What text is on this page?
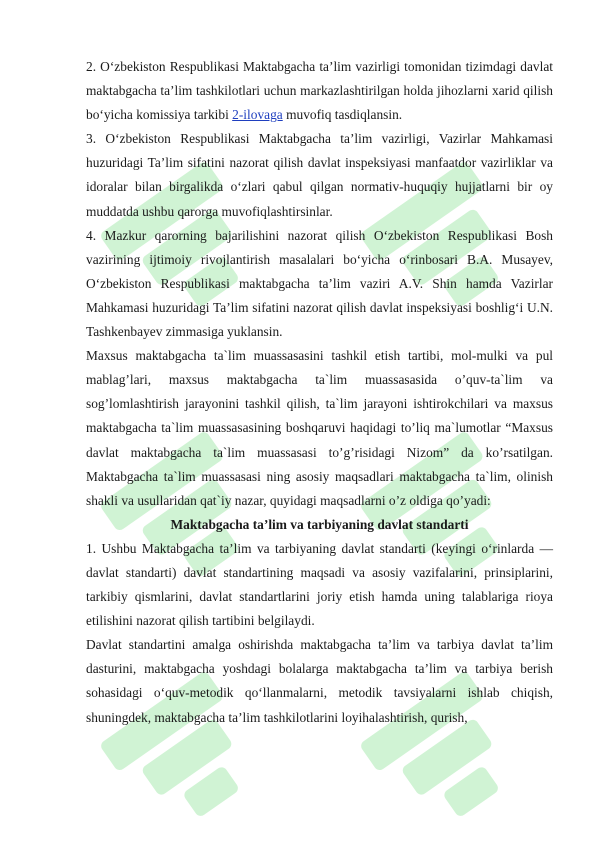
2. O‘zbekiston Respublikasi Maktabgacha ta’lim vazirligi tomonidan tizimdagi davlat maktabgacha ta’lim tashkilotlari uchun markazlashtirilgan holda jihozlarni xarid qilish bo‘yicha komissiya tarkibi 2-ilovaga muvofiq tasdiqlansin.

3. O‘zbekiston Respublikasi Maktabgacha ta’lim vazirligi, Vazirlar Mahkamasi huzuridagi Ta’lim sifatini nazorat qilish davlat inspeksiyasi manfaatdor vazirliklar va idoralar bilan birgalikda o‘zlari qabul qilgan normativ-huquqiy hujjatlarni bir oy muddatda ushbu qarorga muvofiqlashtirsinlar.

4. Mazkur qarorning bajarilishini nazorat qilish O‘zbekiston Respublikasi Bosh vazirining ijtimoiy rivojlantirish masalalari bo‘yicha o‘rinbosari B.A. Musayev, O‘zbekiston Respublikasi maktabgacha ta’lim vaziri A.V. Shin hamda Vazirlar Mahkamasi huzuridagi Ta’lim sifatini nazorat qilish davlat inspeksiyasi boshlig‘i U.N. Tashkenbayev zimmasiga yuklansin.

Maxsus maktabgacha ta`lim muassasasini tashkil etish tartibi, mol-mulki va pul mablag’lari, maxsus maktabgacha ta`lim muassasasida o’quv-ta`lim va sog’lomlashtirish jarayonini tashkil qilish, ta`lim jarayoni ishtirokchilari va maxsus maktabgacha ta`lim muassasasining boshqaruvi haqidagi to’liq ma`lumotlar “Maxsus davlat maktabgacha ta`lim muassasasi to’g’risidagi Nizom” da ko’rsatilgan. Maktabgacha ta`lim muassasasi ning asosiy maqsadlari maktabgacha ta`lim, olinish shakli va usullaridan qat`iy nazar, quyidagi maqsadlarni o’z oldiga qo’yadi:

Maktabgacha ta’lim va tarbiyaning davlat standarti

1. Ushbu Maktabgacha ta’lim va tarbiyaning davlat standarti (keyingi o‘rinlarda — davlat standarti) davlat standartining maqsadi va asosiy vazifalarini, prinsiplarini, tarkibiy qismlarini, davlat standartlarini joriy etish hamda uning talablariga rioya etilishini nazorat qilish tartibini belgilaydi.

Davlat standartini amalga oshirishda maktabgacha ta’lim va tarbiya davlat ta’lim dasturini, maktabgacha yoshdagi bolalarga maktabgacha ta’lim va tarbiya berish sohasidagi o‘quv-metodik qo‘llanmalarni, metodik tavsiyalarni ishlab chiqish, shuningdek, maktabgacha ta’lim tashkilotlarini loyihalashtirish, qurish,
